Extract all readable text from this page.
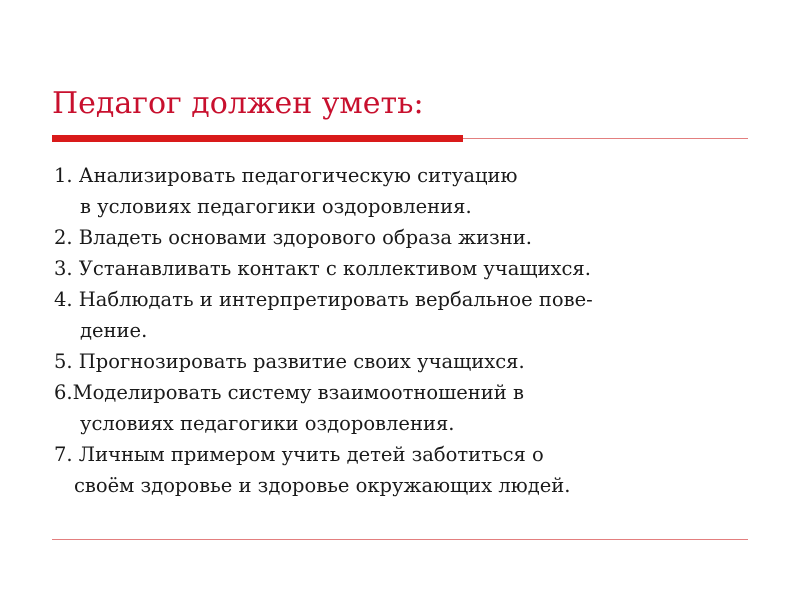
Педагог должен уметь:
1. Анализировать педагогическую ситуацию
в условиях педагогики оздоровления.
2. Владеть основами здорового образа жизни.
3. Устанавливать контакт с коллективом учащихся.
4. Наблюдать и интерпретировать вербальное пове-
дение.
5. Прогнозировать развитие своих учащихся.
6.Моделировать систему взаимоотношений в
условиях педагогики оздоровления.
7. Личным примером учить детей заботиться о
своём здоровье и здоровье окружающих людей.
